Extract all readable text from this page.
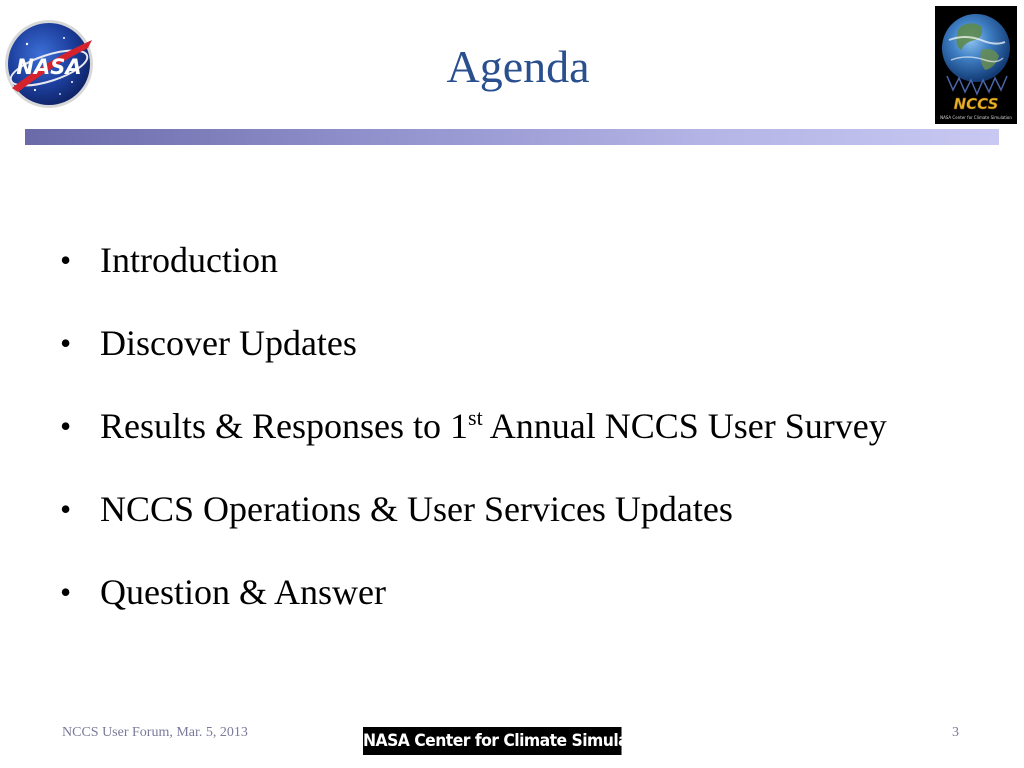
NASA
NCCS
NASA Center for Climate Simulation
Agenda
• Introduction
• Discover Updates
• Results & Responses to 1st Annual NCCS User Survey
• NCCS Operations & User Services Updates
• Question & Answer
NCCS User Forum, Mar. 5, 2013	NASA Center for Climate Simulation	3
